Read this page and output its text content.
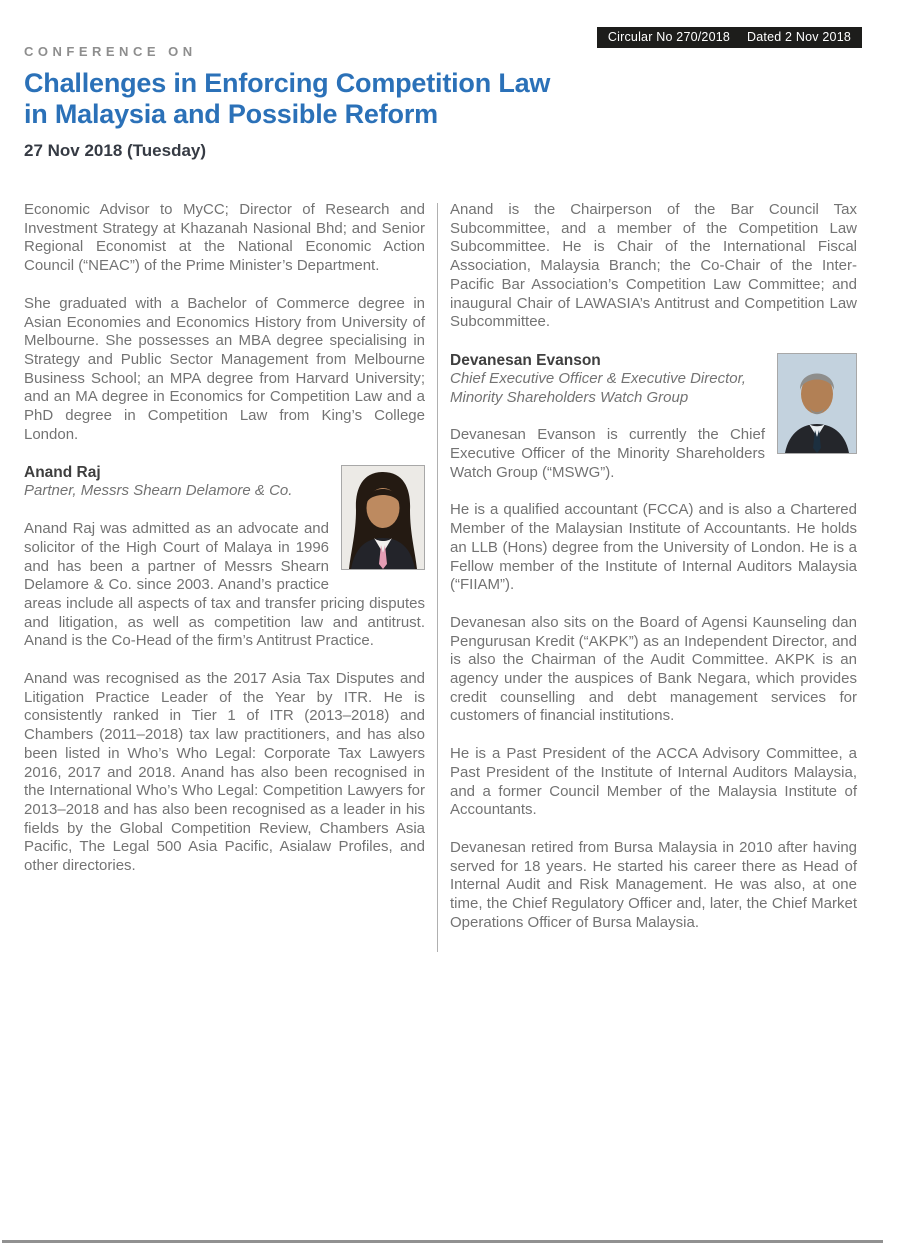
Circular No 270/2018 Dated 2 Nov 2018
CONFERENCE ON
Challenges in Enforcing Competition Law
in Malaysia and Possible Reform
27 Nov 2018 (Tuesday)

Economic Advisor to MyCC; Director of Research and Investment Strategy at Khazanah Nasional Bhd; and Senior Regional Economist at the National Economic Action Council (“NEAC”) of the Prime Minister’s Department.

She graduated with a Bachelor of Commerce degree in Asian Economies and Economics History from University of Melbourne. She possesses an MBA degree specialising in Strategy and Public Sector Management from Melbourne Business School; an MPA degree from Harvard University; and an MA degree in Economics for Competition Law and a PhD degree in Competition Law from King’s College London.

Anand Raj

Partner, Messrs Shearn Delamore & Co.

Anand Raj was admitted as an advocate and solicitor of the High Court of Malaya in 1996 and has been a partner of Messrs Shearn Delamore & Co. since 2003. Anand’s practice areas include all aspects of tax and transfer pricing disputes and litigation, as well as competition law and antitrust. Anand is the Co-Head of the firm’s Antitrust Practice.

Anand was recognised as the 2017 Asia Tax Disputes and Litigation Practice Leader of the Year by ITR. He is consistently ranked in Tier 1 of ITR (2013–2018) and Chambers (2011–2018) tax law practitioners, and has also been listed in Who’s Who Legal: Corporate Tax Lawyers 2016, 2017 and 2018. Anand has also been recognised in the International Who’s Who Legal: Competition Lawyers for 2013–2018 and has also been recognised as a leader in his fields by the Global Competition Review, Chambers Asia Pacific, The Legal 500 Asia Pacific, Asialaw Profiles, and other directories.

Anand is the Chairperson of the Bar Council Tax Subcommittee, and a member of the Competition Law Subcommittee. He is Chair of the International Fiscal Association, Malaysia Branch; the Co-Chair of the Inter-Pacific Bar Association’s Competition Law Committee; and inaugural Chair of LAWASIA’s Antitrust and Competition Law Subcommittee.

Devanesan Evanson

Chief Executive Officer & Executive Director,
Minority Shareholders Watch Group

Devanesan Evanson is currently the Chief Executive Officer of the Minority Shareholders Watch Group (“MSWG”).

He is a qualified accountant (FCCA) and is also a Chartered Member of the Malaysian Institute of Accountants. He holds an LLB (Hons) degree from the University of London. He is a Fellow member of the Institute of Internal Auditors Malaysia (“FIIAM”).

Devanesan also sits on the Board of Agensi Kaunseling dan Pengurusan Kredit (“AKPK”) as an Independent Director, and is also the Chairman of the Audit Committee. AKPK is an agency under the auspices of Bank Negara, which provides credit counselling and debt management services for customers of financial institutions.

He is a Past President of the ACCA Advisory Committee, a Past President of the Institute of Internal Auditors Malaysia, and a former Council Member of the Malaysia Institute of Accountants.

Devanesan retired from Bursa Malaysia in 2010 after having served for 18 years. He started his career there as Head of Internal Audit and Risk Management. He was also, at one time, the Chief Regulatory Officer and, later, the Chief Market Operations Officer of Bursa Malaysia.
